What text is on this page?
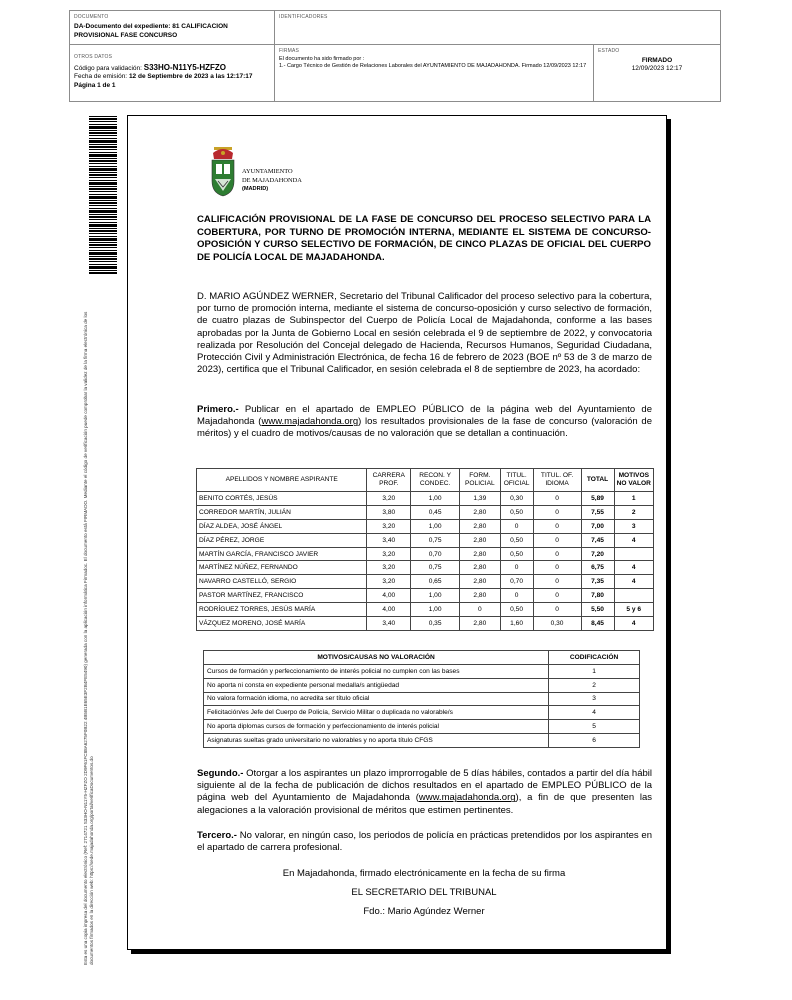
DOCUMENTO
DA-Documento del expediente: 81 CALIFICACION PROVISIONAL FASE CONCURSO
IDENTIFICADORES
OTROS DATOS
Código para validación: S33HO-N11Y5-HZFZO
Fecha de emisión: 12 de Septiembre de 2023 a las 12:17:17
Página 1 de 1
FIRMAS
El documento ha sido firmado por :
1.- Cargo Técnico de Gestión de Relaciones Laborales del AYUNTAMIENTO DE MAJADAHONDA. Firmado 12/09/2023 12:17
ESTADO
FIRMADO
12/09/2023 12:17
Esta es una copia impresa del documento electrónico (Ref: 2714721 S33HO-N11Y5-HZFZO 2D9F61FC88A6275F0B22 4B5B1E65E3F2B4FE5490) generada con la aplicación informática Firmadoc. El documento está FIRMADO. Mediante el código de verificación puede comprobar la validez de la firma electrónica de los documentos firmados en la dirección web: https://sede.majadahonda.org/portal/verificaDocumentos.do
AYUNTAMIENTO
DE MAJADAHONDA
(MADRID)
CALIFICACIÓN PROVISIONAL DE LA FASE DE CONCURSO DEL PROCESO SELECTIVO PARA LA COBERTURA, POR TURNO DE PROMOCIÓN INTERNA, MEDIANTE EL SISTEMA DE CONCURSO-OPOSICIÓN Y CURSO SELECTIVO DE FORMACIÓN, DE CINCO PLAZAS DE OFICIAL DEL CUERPO DE POLICÍA LOCAL DE MAJADAHONDA.
D. MARIO AGÚNDEZ WERNER, Secretario del Tribunal Calificador del proceso selectivo para la cobertura, por turno de promoción interna, mediante el sistema de concurso-oposición y curso selectivo de formación, de cuatro plazas de Subinspector del Cuerpo de Policía Local de Majadahonda, conforme a las bases aprobadas por la Junta de Gobierno Local en sesión celebrada el 9 de septiembre de 2022, y convocatoria realizada por Resolución del Concejal delegado de Hacienda, Recursos Humanos, Seguridad Ciudadana, Protección Civil y Administración Electrónica, de fecha 16 de febrero de 2023 (BOE nº 53 de 3 de marzo de 2023), certifica que el Tribunal Calificador, en sesión celebrada el 8 de septiembre de 2023, ha acordado:
Primero.- Publicar en el apartado de EMPLEO PÚBLICO de la página web del Ayuntamiento de Majadahonda (www.majadahonda.org) los resultados provisionales de la fase de concurso (valoración de méritos) y el cuadro de motivos/causas de no valoración que se detallan a continuación.
APELLIDOS Y NOMBRE ASPIRANTE	CARRERA PROF.	RECON. Y CONDEC.	FORM. POLICIAL	TITUL. OFICIAL	TITUL. OF. IDIOMA	TOTAL	MOTIVOS NO VALOR
BENITO CORTÉS, JESÚS	3,20	1,00	1,39	0,30	0	5,89	1
CORREDOR MARTÍN, JULIÁN	3,80	0,45	2,80	0,50	0	7,55	2
DÍAZ ALDEA, JOSÉ ÁNGEL	3,20	1,00	2,80	0	0	7,00	3
DÍAZ PÉREZ, JORGE	3,40	0,75	2,80	0,50	0	7,45	4
MARTÍN GARCÍA, FRANCISCO JAVIER	3,20	0,70	2,80	0,50	0	7,20	
MARTÍNEZ NÚÑEZ, FERNANDO	3,20	0,75	2,80	0	0	6,75	4
NAVARRO CASTELLÓ, SERGIO	3,20	0,65	2,80	0,70	0	7,35	4
PASTOR MARTÍNEZ, FRANCISCO	4,00	1,00	2,80	0	0	7,80	
RODRÍGUEZ TORRES, JESÚS MARÍA	4,00	1,00	0	0,50	0	5,50	5 y 6
VÁZQUEZ MORENO, JOSÉ MARÍA	3,40	0,35	2,80	1,60	0,30	8,45	4
MOTIVOS/CAUSAS NO VALORACIÓN	CODIFICACIÓN
Cursos de formación y perfeccionamiento de interés policial no cumplen con las bases	1
No aporta ni consta en expediente personal medalla/s antigüedad	2
No valora formación idioma, no acredita ser título oficial	3
Felicitación/es Jefe del Cuerpo de Policía, Servicio Militar o duplicada no valorable/s	4
No aporta diplomas cursos de formación y perfeccionamiento de interés policial	5
Asignaturas sueltas grado universitario no valorables y no aporta título CFGS	6
Segundo.- Otorgar a los aspirantes un plazo improrrogable de 5 días hábiles, contados a partir del día hábil siguiente al de la fecha de publicación de dichos resultados en el apartado de EMPLEO PÚBLICO de la página web del Ayuntamiento de Majadahonda (www.majadahonda.org), a fin de que presenten las alegaciones a la valoración provisional de méritos que estimen pertinentes.
Tercero.- No valorar, en ningún caso, los periodos de policía en prácticas pretendidos por los aspirantes en el apartado de carrera profesional.
En Majadahonda, firmado electrónicamente en la fecha de su firma
EL SECRETARIO DEL TRIBUNAL
Fdo.: Mario Agúndez Werner
